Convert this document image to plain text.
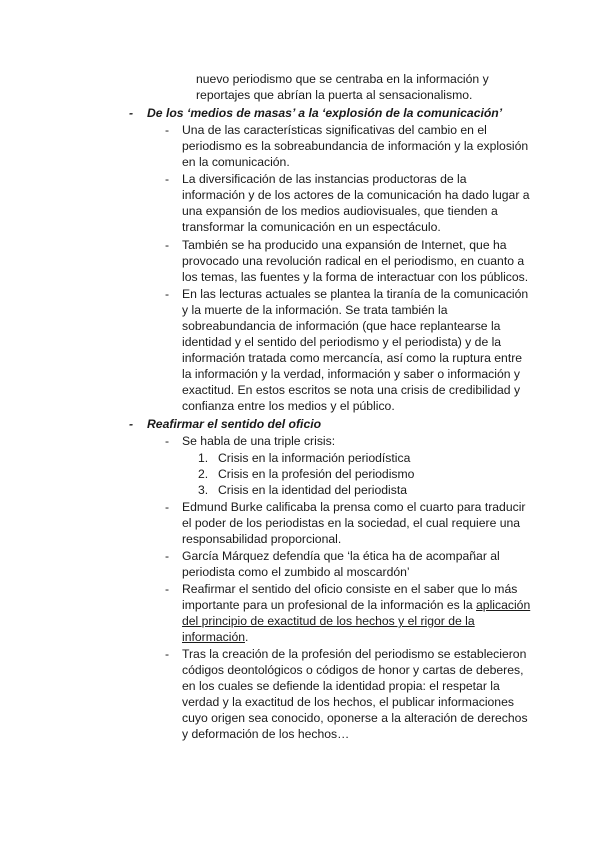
nuevo periodismo que se centraba en la información y
reportajes que abrían la puerta al sensacionalismo.
- De los ‘medios de masas’ a la ‘explosión de la comunicación’
- Una de las características significativas del cambio en el
periodismo es la sobreabundancia de información y la explosión
en la comunicación.
- La diversificación de las instancias productoras de la
información y de los actores de la comunicación ha dado lugar a
una expansión de los medios audiovisuales, que tienden a
transformar la comunicación en un espectáculo.
- También se ha producido una expansión de Internet, que ha
provocado una revolución radical en el periodismo, en cuanto a
los temas, las fuentes y la forma de interactuar con los públicos.
- En las lecturas actuales se plantea la tiranía de la comunicación
y la muerte de la información. Se trata también la
sobreabundancia de información (que hace replantearse la
identidad y el sentido del periodismo y el periodista) y de la
información tratada como mercancía, así como la ruptura entre
la información y la verdad, información y saber o información y
exactitud. En estos escritos se nota una crisis de credibilidad y
confianza entre los medios y el público.
- Reafirmar el sentido del oficio
- Se habla de una triple crisis:
1. Crisis en la información periodística
2. Crisis en la profesión del periodismo
3. Crisis en la identidad del periodista
- Edmund Burke calificaba la prensa como el cuarto para traducir
el poder de los periodistas en la sociedad, el cual requiere una
responsabilidad proporcional.
- García Márquez defendía que ‘la ética ha de acompañar al
periodista como el zumbido al moscardón’
- Reafirmar el sentido del oficio consiste en el saber que lo más
importante para un profesional de la información es la aplicación
del principio de exactitud de los hechos y el rigor de la
información.
- Tras la creación de la profesión del periodismo se establecieron
códigos deontológicos o códigos de honor y cartas de deberes,
en los cuales se defiende la identidad propia: el respetar la
verdad y la exactitud de los hechos, el publicar informaciones
cuyo origen sea conocido, oponerse a la alteración de derechos
y deformación de los hechos…
